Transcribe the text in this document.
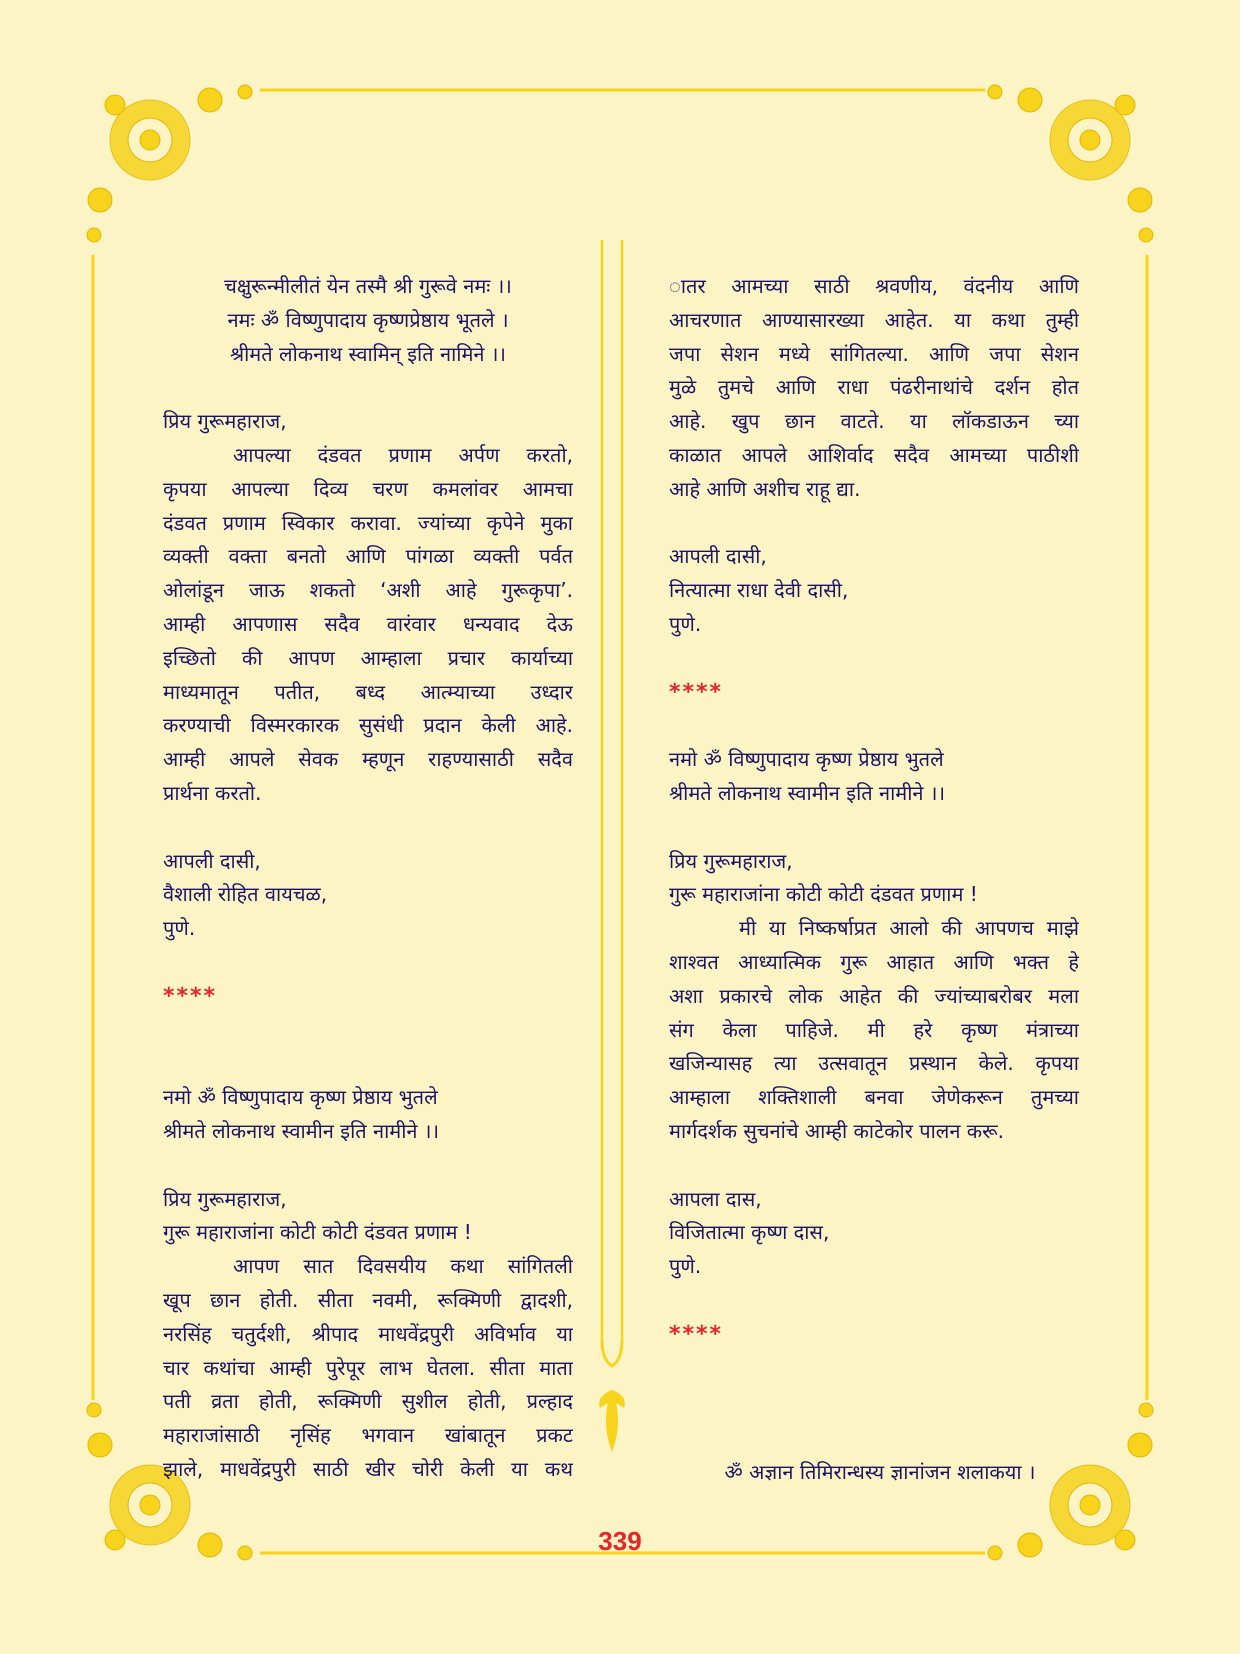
चक्षुरून्मीलीतं येन तस्मै श्री गुरूवे नमः ।।
नमः ॐ विष्णुपादाय कृष्णप्रेष्ठाय भूतले ।
श्रीमते लोकनाथ स्वामिन् इति नामिने ।।
प्रिय गुरूमहाराज,
आपल्या दंडवत प्रणाम अर्पण करतो,
कृपया आपल्या दिव्य चरण कमलांवर आमचा
दंडवत प्रणाम स्विकार करावा. ज्यांच्या कृपेने मुका
व्यक्ती वक्ता बनतो आणि पांगळा व्यक्ती पर्वत
ओलांडून जाऊ शकतो ‘अशी आहे गुरूकृपा’.
आम्ही आपणास सदैव वारंवार धन्यवाद देऊ
इच्छितो की आपण आम्हाला प्रचार कार्याच्या
माध्यमातून पतीत, बध्द आत्म्याच्या उध्दार
करण्याची विस्मरकारक सुसंधी प्रदान केली आहे.
आम्ही आपले सेवक म्हणून राहण्यासाठी सदैव
प्रार्थना करतो.
आपली दासी,
वैशाली रोहित वायचळ,
पुणे.
****
नमो ॐ विष्णुपादाय कृष्ण प्रेष्ठाय भुतले
श्रीमते लोकनाथ स्वामीन इति नामीने ।।
प्रिय गुरूमहाराज,
गुरू महाराजांना कोटी कोटी दंडवत प्रणाम !
आपण सात दिवसयीय कथा सांगितली
खूप छान होती. सीता नवमी, रूक्मिणी द्वादशी,
नरसिंह चतुर्दशी, श्रीपाद माधवेंद्रपुरी अविर्भाव या
चार कथांचा आम्ही पुरेपूर लाभ घेतला. सीता माता
पती व्रता होती, रूक्मिणी सुशील होती, प्रल्हाद
महाराजांसाठी नृसिंह भगवान खांबातून प्रकट
झाले, माधवेंद्रपुरी साठी खीर चोरी केली या कथ
ातर आमच्या साठी श्रवणीय, वंदनीय आणि
आचरणात आण्यासारख्या आहेत. या कथा तुम्ही
जपा सेशन मध्ये सांगितल्या. आणि जपा सेशन
मुळे तुमचे आणि राधा पंढरीनाथांचे दर्शन होत
आहे. खुप छान वाटते. या लॉकडाऊन च्या
काळात आपले आशिर्वाद सदैव आमच्या पाठीशी
आहे आणि अशीच राहू द्या.
आपली दासी,
नित्यात्मा राधा देवी दासी,
पुणे.
****
नमो ॐ विष्णुपादाय कृष्ण प्रेष्ठाय भुतले
श्रीमते लोकनाथ स्वामीन इति नामीने ।।
प्रिय गुरूमहाराज,
गुरू महाराजांना कोटी कोटी दंडवत प्रणाम !
मी या निष्कर्षाप्रत आलो की आपणच माझे
शाश्वत आध्यात्मिक गुरू आहात आणि भक्त हे
अशा प्रकारचे लोक आहेत की ज्यांच्याबरोबर मला
संग केला पाहिजे. मी हरे कृष्ण मंत्राच्या
खजिन्यासह त्या उत्सवातून प्रस्थान केले. कृपया
आम्हाला शक्तिशाली बनवा जेणेकरून तुमच्या
मार्गदर्शक सुचनांचे आम्ही काटेकोर पालन करू.
आपला दास,
विजितात्मा कृष्ण दास,
पुणे.
****
ॐ अज्ञान तिमिरान्धस्य ज्ञानांजन शलाकया ।
339
